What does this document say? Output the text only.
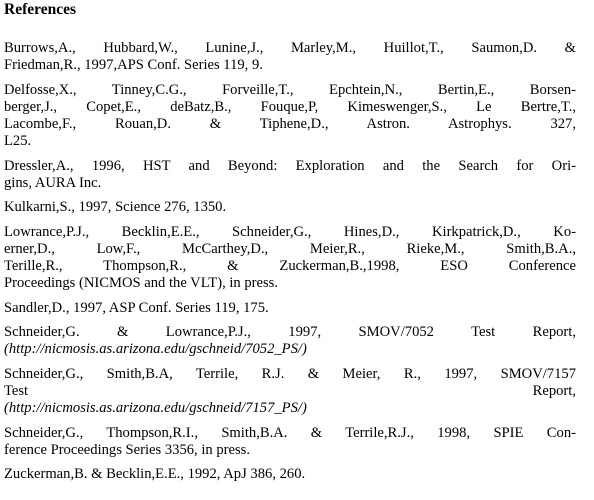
References
Burrows,A., Hubbard,W., Lunine,J., Marley,M., Huillot,T., Saumon,D. &
Friedman,R., 1997,APS Conf. Series 119, 9.
Delfosse,X., Tinney,C.G., Forveille,T., Epchtein,N., Bertin,E., Borsen-
berger,J., Copet,E., deBatz,B., Fouque,P, Kimeswenger,S., Le Bertre,T.,
Lacombe,F., Rouan,D. & Tiphene,D., Astron. Astrophys. 327,
L25.
Dressler,A., 1996, HST and Beyond: Exploration and the Search for Ori-
gins, AURA Inc.
Kulkarni,S., 1997, Science 276, 1350.
Lowrance,P.J., Becklin,E.E., Schneider,G., Hines,D., Kirkpatrick,D., Ko-
erner,D., Low,F., McCarthey,D., Meier,R., Rieke,M., Smith,B.A.,
Terille,R., Thompson,R., & Zuckerman,B.,1998, ESO Conference
Proceedings (NICMOS and the VLT), in press.
Sandler,D., 1997, ASP Conf. Series 119, 175.
Schneider,G. & Lowrance,P.J., 1997, SMOV/7052 Test Report,
(http://nicmosis.as.arizona.edu/gschneid/7052_PS/)
Schneider,G., Smith,B.A, Terrile, R.J. & Meier, R., 1997, SMOV/7157
Test Report,
(http://nicmosis.as.arizona.edu/gschneid/7157_PS/)
Schneider,G., Thompson,R.I., Smith,B.A. & Terrile,R.J., 1998, SPIE Con-
ference Proceedings Series 3356, in press.
Zuckerman,B. & Becklin,E.E., 1992, ApJ 386, 260.
